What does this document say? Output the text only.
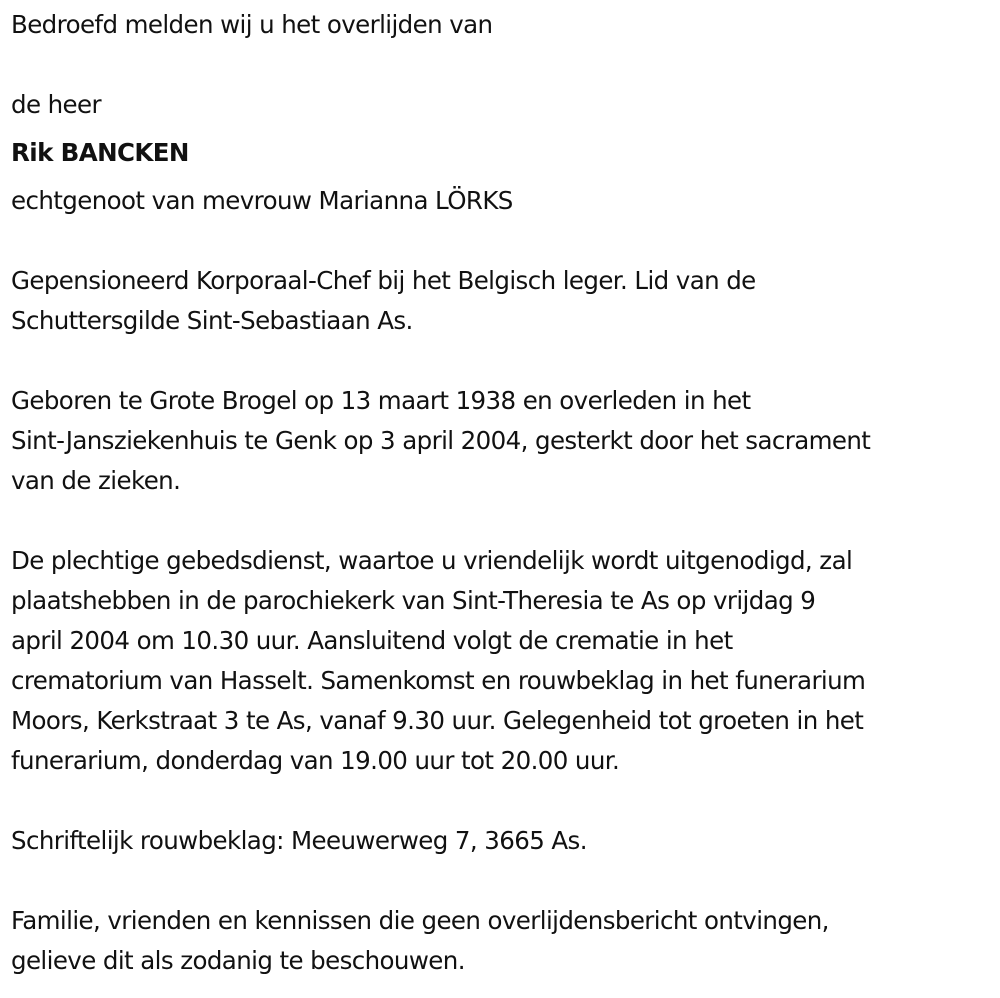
Bedroefd melden wij u het overlijden van
de heer
Rik BANCKEN
echtgenoot van mevrouw Marianna LÖRKS
Gepensioneerd Korporaal-Chef bij het Belgisch leger. Lid van de
Schuttersgilde Sint-Sebastiaan As.
Geboren te Grote Brogel op 13 maart 1938 en overleden in het
Sint-Jansziekenhuis te Genk op 3 april 2004, gesterkt door het sacrament
van de zieken.
De plechtige gebedsdienst, waartoe u vriendelijk wordt uitgenodigd, zal
plaatshebben in de parochiekerk van Sint-Theresia te As op vrijdag 9
april 2004 om 10.30 uur. Aansluitend volgt de crematie in het
crematorium van Hasselt. Samenkomst en rouwbeklag in het funerarium
Moors, Kerkstraat 3 te As, vanaf 9.30 uur. Gelegenheid tot groeten in het
funerarium, donderdag van 19.00 uur tot 20.00 uur.
Schriftelijk rouwbeklag: Meeuwerweg 7, 3665 As.
Familie, vrienden en kennissen die geen overlijdensbericht ontvingen,
gelieve dit als zodanig te beschouwen.
